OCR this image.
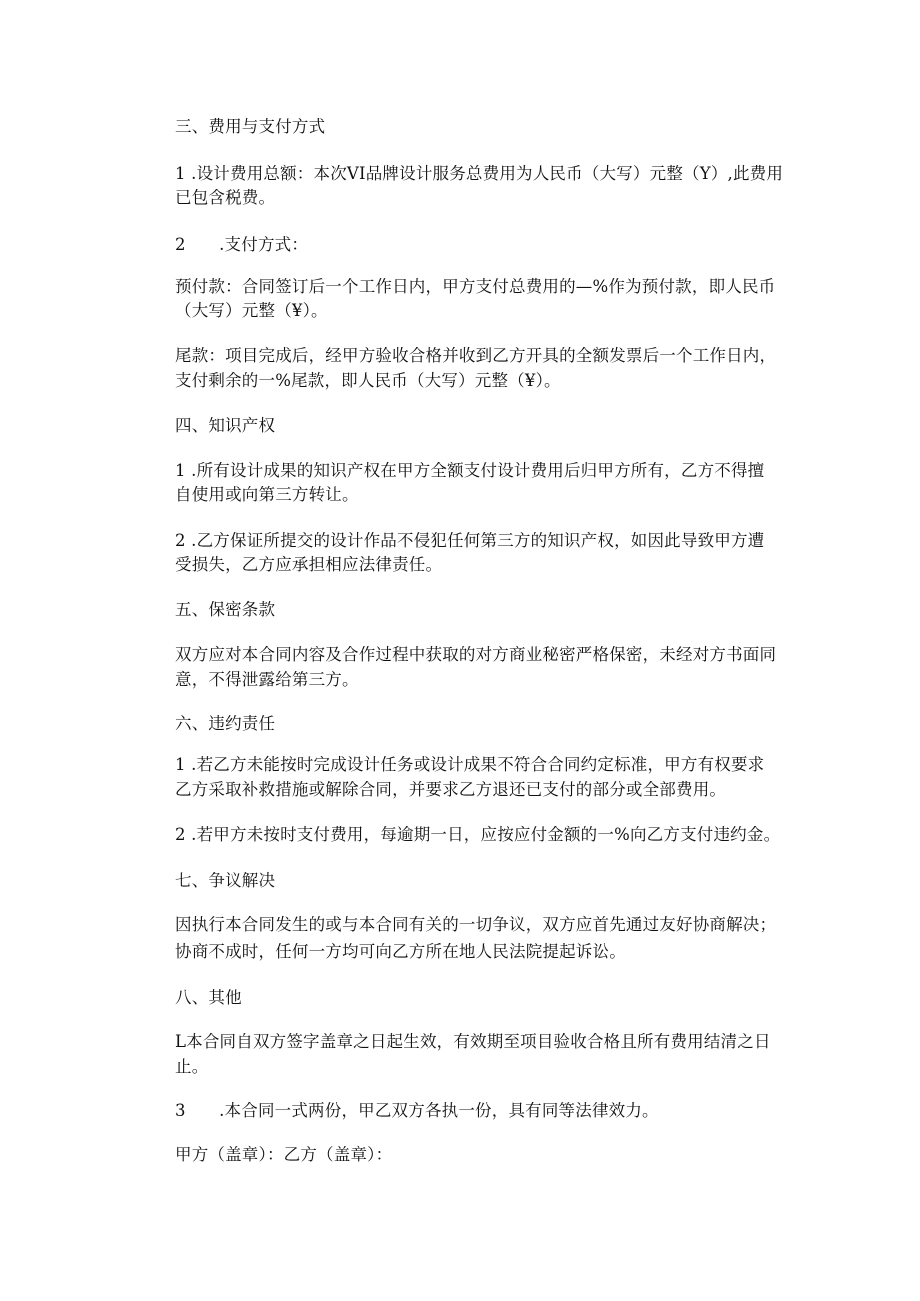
三、费用与支付方式
1 .设计费用总额：本次VI品牌设计服务总费用为人民币（大写）元整（Y）,此费用
已包含税费。
2　　.支付方式：
预付款：合同签订后一个工作日内，甲方支付总费用的—%作为预付款，即人民币
（大写）元整（¥）。
尾款：项目完成后，经甲方验收合格并收到乙方开具的全额发票后一个工作日内，
支付剩余的一%尾款，即人民币（大写）元整（¥）。
四、知识产权
1 .所有设计成果的知识产权在甲方全额支付设计费用后归甲方所有，乙方不得擅
自使用或向第三方转让。
2 .乙方保证所提交的设计作品不侵犯任何第三方的知识产权，如因此导致甲方遭
受损失，乙方应承担相应法律责任。
五、保密条款
双方应对本合同内容及合作过程中获取的对方商业秘密严格保密，未经对方书面同
意，不得泄露给第三方。
六、违约责任
1 .若乙方未能按时完成设计任务或设计成果不符合合同约定标准，甲方有权要求
乙方采取补救措施或解除合同，并要求乙方退还已支付的部分或全部费用。
2 .若甲方未按时支付费用，每逾期一日，应按应付金额的一%向乙方支付违约金。
七、争议解决
因执行本合同发生的或与本合同有关的一切争议，双方应首先通过友好协商解决；
协商不成时，任何一方均可向乙方所在地人民法院提起诉讼。
八、其他
L本合同自双方签字盖章之日起生效，有效期至项目验收合格且所有费用结清之日
止。
3　　.本合同一式两份，甲乙双方各执一份，具有同等法律效力。
甲方（盖章）：乙方（盖章）：
